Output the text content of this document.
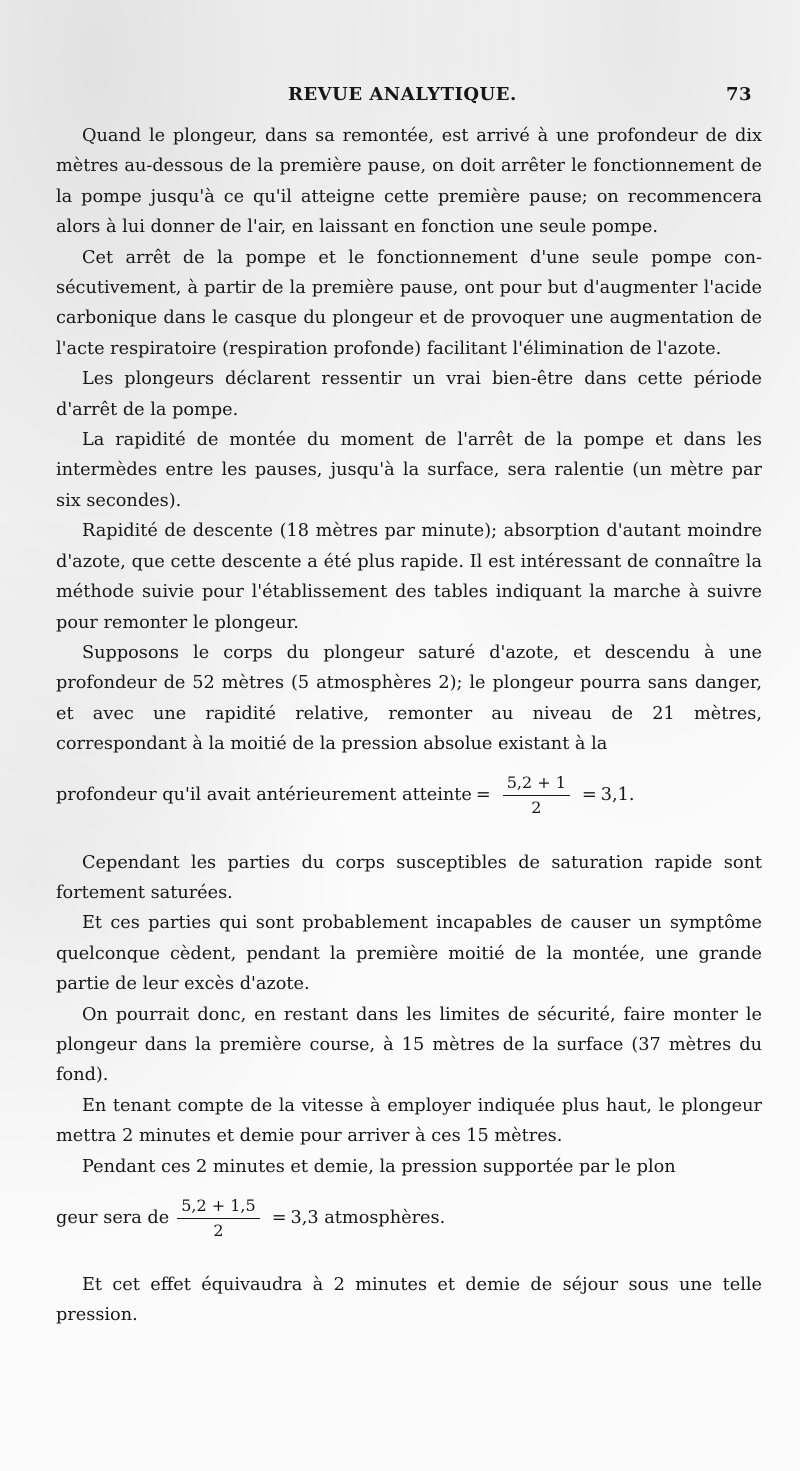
REVUE ANALYTIQUE.	73

Quand le plongeur, dans sa remontée, est arrivé à une profondeur de dix mètres au-dessous de la première pause, on doit arrêter le fonctionnement de la pompe jusqu'à ce qu'il atteigne cette première pause; on recommencera alors à lui donner de l'air, en laissant en fonction une seule pompe.

Cet arrêt de la pompe et le fonctionnement d'une seule pompe consécutivement, à partir de la première pause, ont pour but d'augmenter l'acide carbonique dans le casque du plongeur et de provoquer une augmentation de l'acte respiratoire (respiration profonde) facilitant l'élimination de l'azote.

Les plongeurs déclarent ressentir un vrai bien-être dans cette période d'arrêt de la pompe.

La rapidité de montée du moment de l'arrêt de la pompe et dans les intermèdes entre les pauses, jusqu'à la surface, sera ralentie (un mètre par six secondes).

Rapidité de descente (18 mètres par minute); absorption d'autant moindre d'azote, que cette descente a été plus rapide. Il est intéressant de connaître la méthode suivie pour l'établissement des tables indiquant la marche à suivre pour remonter le plongeur.

Supposons le corps du plongeur saturé d'azote, et descendu à une profondeur de 52 mètres (5 atmosphères 2); le plongeur pourra sans danger, et avec une rapidité relative, remonter au niveau de 21 mètres, correspondant à la moitié de la pression absolue existant à la

profondeur qu'il avait antérieurement atteinte = $\frac{5,2 + 1}{2} = 3,1$.

Cependant les parties du corps susceptibles de saturation rapide sont fortement saturées.

Et ces parties qui sont probablement incapables de causer un symptôme quelconque cèdent, pendant la première moitié de la montée, une grande partie de leur excès d'azote.

On pourrait donc, en restant dans les limites de sécurité, faire monter le plongeur dans la première course, à 15 mètres de la surface (37 mètres du fond).

En tenant compte de la vitesse à employer indiquée plus haut, le plongeur mettra 2 minutes et demie pour arriver à ces 15 mètres.

Pendant ces 2 minutes et demie, la pression supportée par le plon

geur sera de $\frac{5,2 + 1,5}{2} = 3,3$ atmosphères.

Et cet effet équivaudra à 2 minutes et demie de séjour sous une telle pression.
